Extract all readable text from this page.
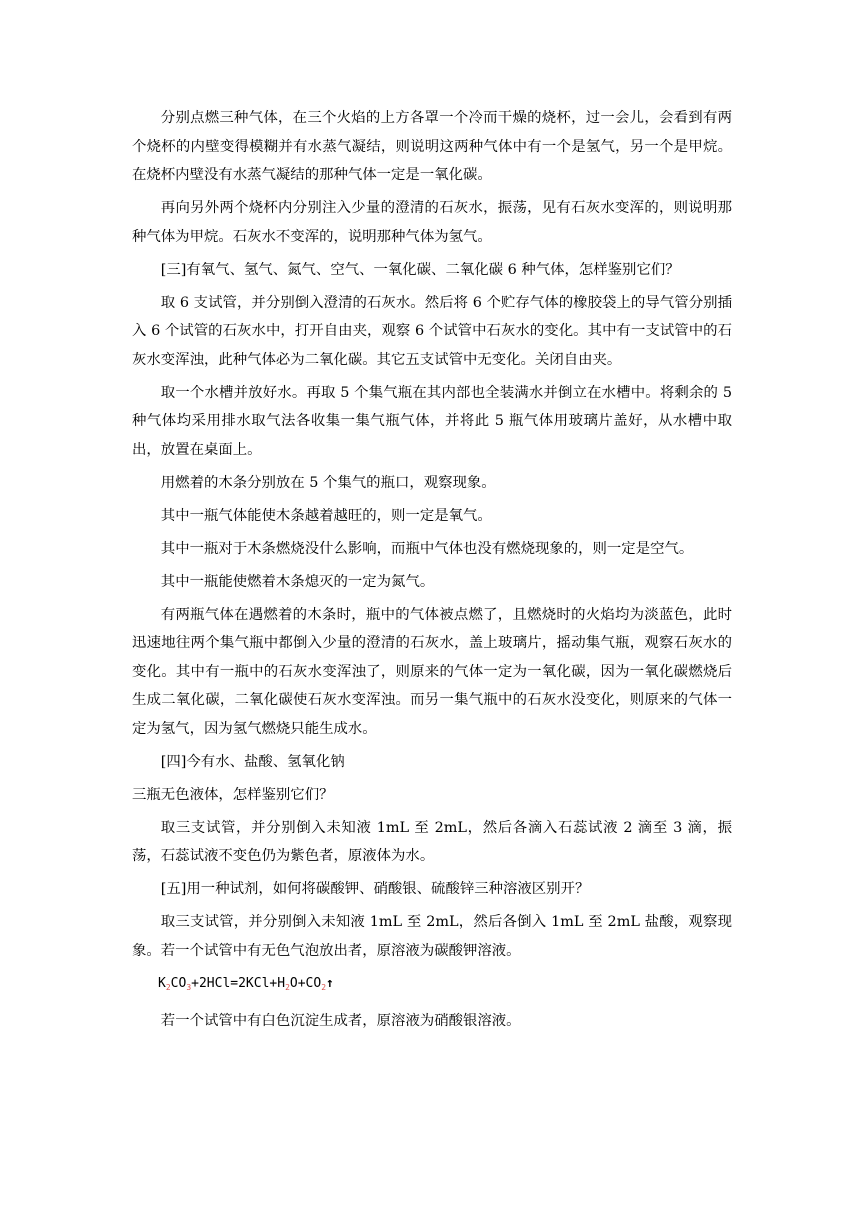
分别点燃三种气体，在三个火焰的上方各罩一个冷而干燥的烧杯，过一会儿，会看到有两个烧杯的内壁变得模糊并有水蒸气凝结，则说明这两种气体中有一个是氢气，另一个是甲烷。在烧杯内壁没有水蒸气凝结的那种气体一定是一氧化碳。

再向另外两个烧杯内分别注入少量的澄清的石灰水，振荡，见有石灰水变浑的，则说明那种气体为甲烷。石灰水不变浑的，说明那种气体为氢气。

[三]有氧气、氢气、氮气、空气、一氧化碳、二氧化碳 6 种气体，怎样鉴别它们？

取 6 支试管，并分别倒入澄清的石灰水。然后将 6 个贮存气体的橡胶袋上的导气管分别插入 6 个试管的石灰水中，打开自由夹，观察 6 个试管中石灰水的变化。其中有一支试管中的石灰水变浑浊，此种气体必为二氧化碳。其它五支试管中无变化。关闭自由夹。

取一个水槽并放好水。再取 5 个集气瓶在其内部也全装满水并倒立在水槽中。将剩余的 5 种气体均采用排水取气法各收集一集气瓶气体，并将此 5 瓶气体用玻璃片盖好，从水槽中取出，放置在桌面上。

用燃着的木条分别放在 5 个集气的瓶口，观察现象。

其中一瓶气体能使木条越着越旺的，则一定是氧气。

其中一瓶对于木条燃烧没什么影响，而瓶中气体也没有燃烧现象的，则一定是空气。

其中一瓶能使燃着木条熄灭的一定为氮气。

有两瓶气体在遇燃着的木条时，瓶中的气体被点燃了，且燃烧时的火焰均为淡蓝色，此时迅速地往两个集气瓶中都倒入少量的澄清的石灰水，盖上玻璃片，摇动集气瓶，观察石灰水的变化。其中有一瓶中的石灰水变浑浊了，则原来的气体一定为一氧化碳，因为一氧化碳燃烧后生成二氧化碳，二氧化碳使石灰水变浑浊。而另一集气瓶中的石灰水没变化，则原来的气体一定为氢气，因为氢气燃烧只能生成水。

[四]今有水、盐酸、氢氧化钠

三瓶无色液体，怎样鉴别它们？

取三支试管，并分别倒入未知液 1mL 至 2mL，然后各滴入石蕊试液 2 滴至 3 滴，振荡，石蕊试液不变色仍为紫色者，原液体为水。

[五]用一种试剂，如何将碳酸钾、硝酸银、硫酸锌三种溶液区别开？

取三支试管，并分别倒入未知液 1mL 至 2mL，然后各倒入 1mL 至 2mL 盐酸，观察现象。若一个试管中有无色气泡放出者，原溶液为碳酸钾溶液。

$K_2CO_3+2HCl=2KCl+H_2O+CO_2↑$

若一个试管中有白色沉淀生成者，原溶液为硝酸银溶液。
